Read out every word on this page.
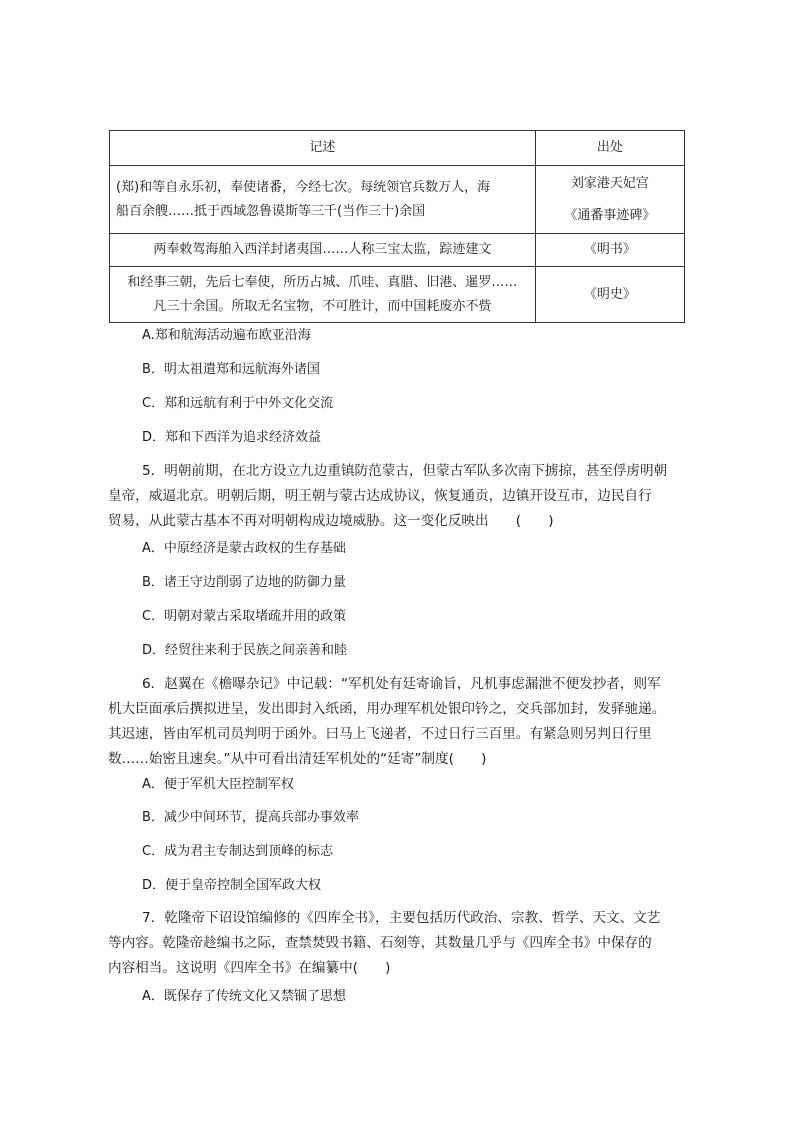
记述	出处

(郑)和等自永乐初，奉使诸番，今经七次。每统领官兵数万人，海
船百余艘……抵于西域忽鲁谟斯等三千(当作三十)余国	刘家港天妃宫
《通番事迹碑》

两奉敕驾海舶入西洋封诸夷国……人称三宝太监，踪迹建文	《明书》

和经事三朝，先后七奉使，所历占城、爪哇、真腊、旧港、暹罗……
凡三十余国。所取无名宝物，不可胜计，而中国耗废亦不赀	《明史》
A.郑和航海活动遍布欧亚沿海
B．明太祖遣郑和远航海外诸国
C．郑和远航有利于中外文化交流
D．郑和下西洋为追求经济效益
5．明朝前期，在北方设立九边重镇防范蒙古，但蒙古军队多次南下掳掠，甚至俘虏明朝
皇帝，威逼北京。明朝后期，明王朝与蒙古达成协议，恢复通贡，边镇开设互市，边民自行
贸易，从此蒙古基本不再对明朝构成边境威胁。这一变化反映出　　(　　)
A．中原经济是蒙古政权的生存基础
B．诸王守边削弱了边地的防御力量
C．明朝对蒙古采取堵疏并用的政策
D．经贸往来利于民族之间亲善和睦
6．赵翼在《檐曝杂记》中记载：“军机处有廷寄谕旨，凡机事虑漏泄不便发抄者，则军
机大臣面承后撰拟进呈，发出即封入纸函，用办理军机处银印钤之，交兵部加封，发驿驰递。
其迟速，皆由军机司员判明于函外。曰马上飞递者，不过日行三百里。有紧急则另判日行里
数……始密且速矣。”从中可看出清廷军机处的“廷寄”制度(　　)
A．便于军机大臣控制军权
B．减少中间环节，提高兵部办事效率
C．成为君主专制达到顶峰的标志
D．便于皇帝控制全国军政大权
7．乾隆帝下诏设馆编修的《四库全书》，主要包括历代政治、宗教、哲学、天文、文艺
等内容。乾隆帝趁编书之际，查禁焚毁书籍、石刻等，其数量几乎与《四库全书》中保存的
内容相当。这说明《四库全书》在编纂中(　　)
A．既保存了传统文化又禁锢了思想
